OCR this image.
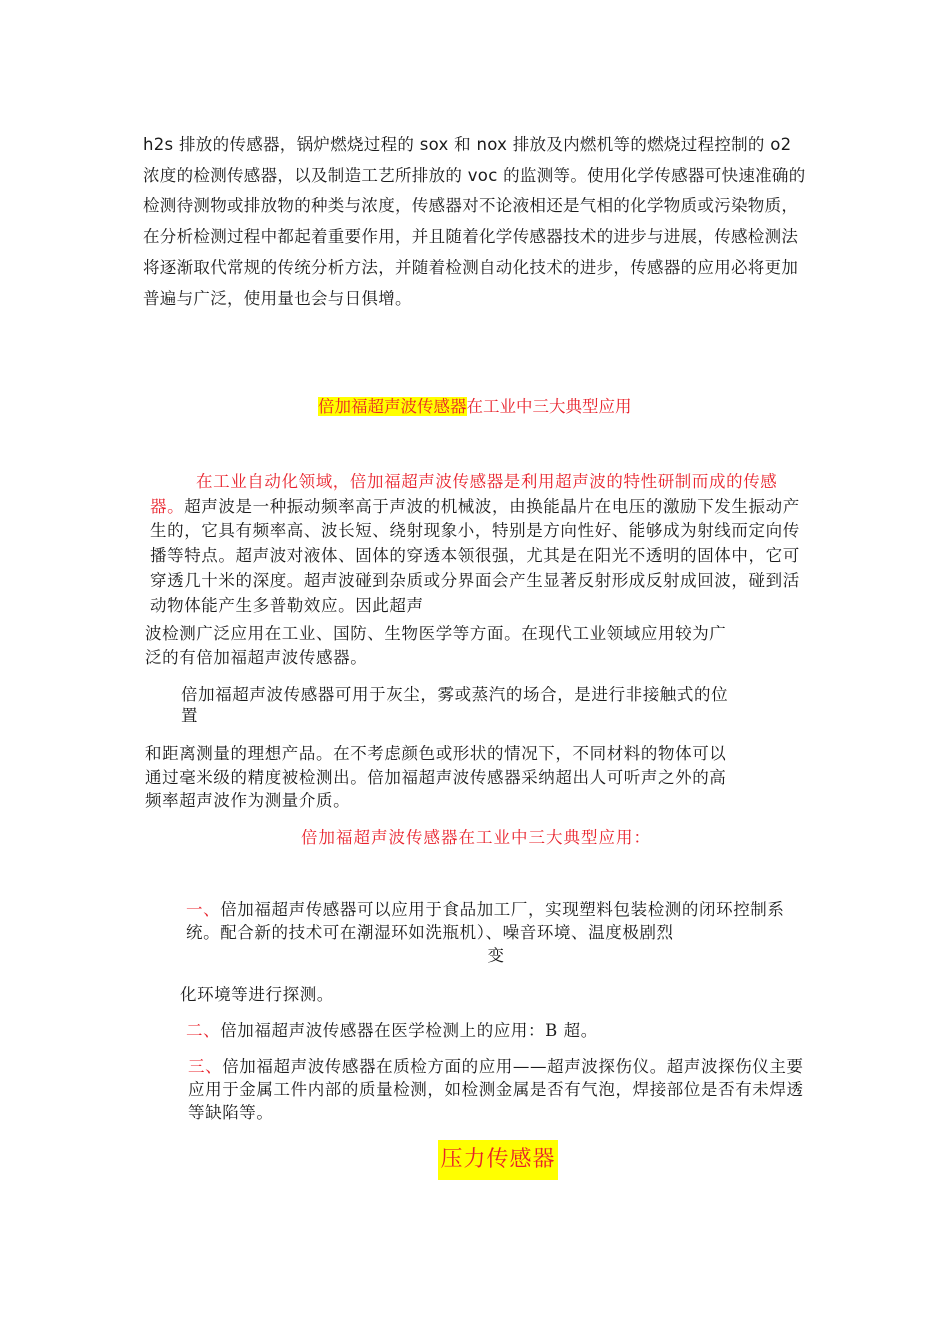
h2s 排放的传感器，锅炉燃烧过程的 sox 和 nox 排放及内燃机等的燃烧过程控制的 o2 浓度的检测传感器，以及制造工艺所排放的 voc 的监测等。使用化学传感器可快速准确的检测待测物或排放物的种类与浓度，传感器对不论液相还是气相的化学物质或污染物质，在分析检测过程中都起着重要作用，并且随着化学传感器技术的进步与进展，传感检测法将逐渐取代常规的传统分析方法，并随着检测自动化技术的进步，传感器的应用必将更加普遍与广泛，使用量也会与日俱增。
倍加福超声波传感器在工业中三大典型应用
在工业自动化领域，倍加福超声波传感器是利用超声波的特性研制而成的传感器。超声波是一种振动频率高于声波的机械波，由换能晶片在电压的激励下发生振动产生的，它具有频率高、波长短、绕射现象小，特别是方向性好、能够成为射线而定向传播等特点。超声波对液体、固体的穿透本领很强，尤其是在阳光不透明的固体中，它可穿透几十米的深度。超声波碰到杂质或分界面会产生显著反射形成反射成回波，碰到活动物体能产生多普勒效应。因此超声
波检测广泛应用在工业、国防、生物医学等方面。在现代工业领域应用较为广
泛的有倍加福超声波传感器。
倍加福超声波传感器可用于灰尘，雾或蒸汽的场合，是进行非接触式的位
置
和距离测量的理想产品。在不考虑颜色或形状的情况下，不同材料的物体可以
通过毫米级的精度被检测出。倍加福超声波传感器采纳超出人可听声之外的高
频率超声波作为测量介质。
倍加福超声波传感器在工业中三大典型应用：
一、倍加福超声传感器可以应用于食品加工厂，实现塑料包装检测的闭环控制系统。配合新的技术可在潮湿环如洗瓶机）、噪音环境、温度极剧烈
变
化环境等进行探测。
二、倍加福超声波传感器在医学检测上的应用：B 超。
三、倍加福超声波传感器在质检方面的应用——超声波探伤仪。超声波探伤仪主要应用于金属工件内部的质量检测，如检测金属是否有气泡，焊接部位是否有未焊透等缺陷等。
压力传感器
